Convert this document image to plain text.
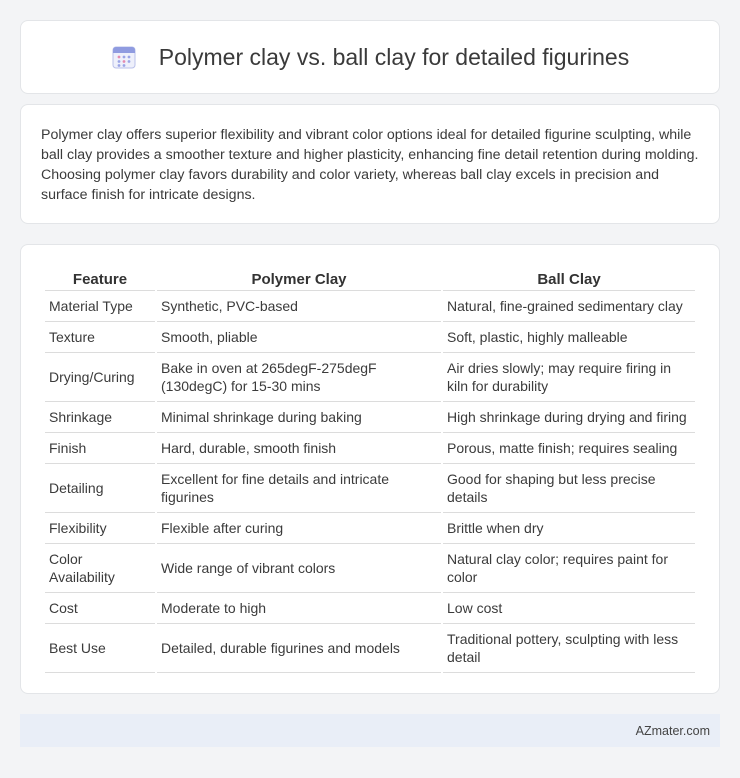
Polymer clay vs. ball clay for detailed figurines

Polymer clay offers superior flexibility and vibrant color options ideal for detailed figurine sculpting, while ball clay provides a smoother texture and higher plasticity, enhancing fine detail retention during molding. Choosing polymer clay favors durability and color variety, whereas ball clay excels in precision and surface finish for intricate designs.

Feature	Polymer Clay	Ball Clay
Material Type	Synthetic, PVC-based	Natural, fine-grained sedimentary clay
Texture	Smooth, pliable	Soft, plastic, highly malleable
Drying/Curing	Bake in oven at 265degF-275degF (130degC) for 15-30 mins	Air dries slowly; may require firing in kiln for durability
Shrinkage	Minimal shrinkage during baking	High shrinkage during drying and firing
Finish	Hard, durable, smooth finish	Porous, matte finish; requires sealing
Detailing	Excellent for fine details and intricate figurines	Good for shaping but less precise details
Flexibility	Flexible after curing	Brittle when dry
Color Availability	Wide range of vibrant colors	Natural clay color; requires paint for color
Cost	Moderate to high	Low cost
Best Use	Detailed, durable figurines and models	Traditional pottery, sculpting with less detail
AZmater.com
